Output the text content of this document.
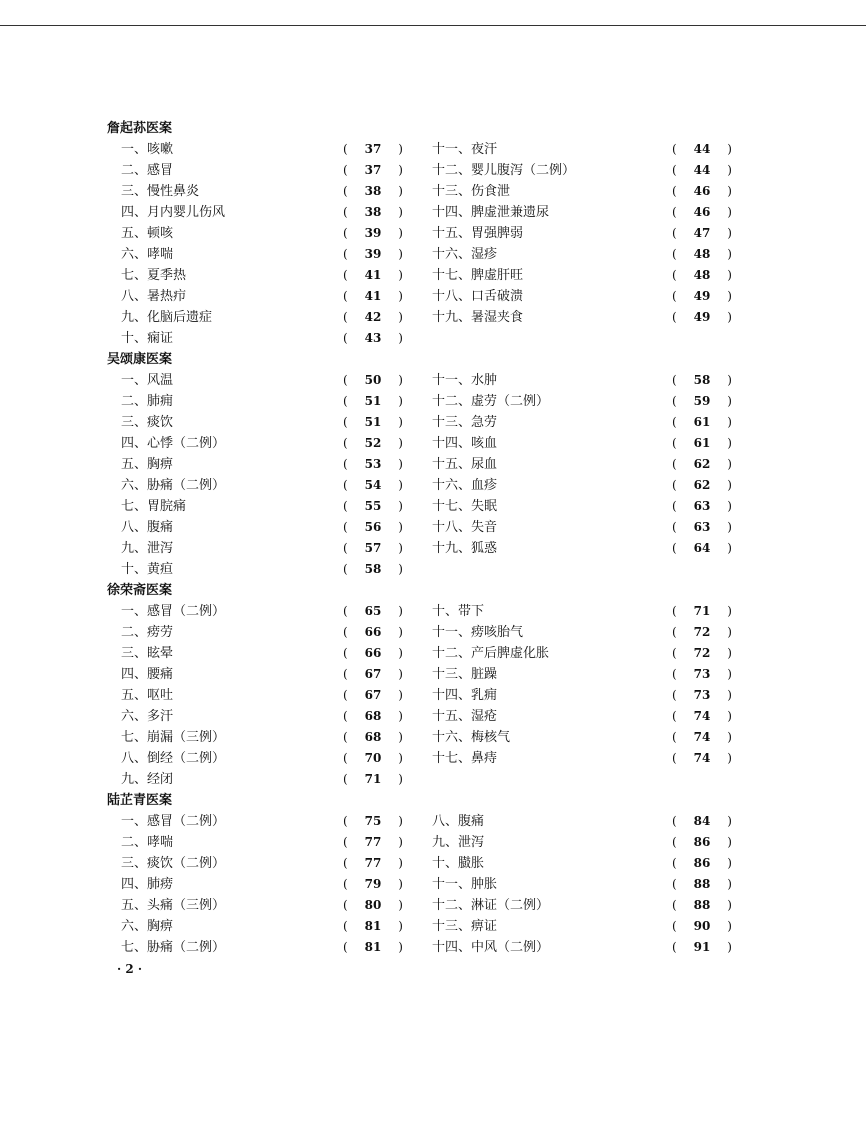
詹起荪医案
一、咳嗽	( 37 ) 十一、夜汗	( 44 )
二、感冒	( 37 ) 十二、婴儿腹泻（二例）	( 44 )
三、慢性鼻炎	( 38 ) 十三、伤食泄	( 46 )
四、月内婴儿伤风	( 38 ) 十四、脾虚泄兼遗尿	( 46 )
五、顿咳	( 39 ) 十五、胃强脾弱	( 47 )
六、哮喘	( 39 ) 十六、湿疹	( 48 )
七、夏季热	( 41 ) 十七、脾虚肝旺	( 48 )
八、暑热疖	( 41 ) 十八、口舌破溃	( 49 )
九、化脑后遗症	( 42 ) 十九、暑湿夹食	( 49 )
十、痫证	( 43 )
吴颂康医案
一、风温	( 50 ) 十一、水肿	( 58 )
二、肺痈	( 51 ) 十二、虚劳（二例）	( 59 )
三、痰饮	( 51 ) 十三、急劳	( 61 )
四、心悸（二例）	( 52 ) 十四、咳血	( 61 )
五、胸痹	( 53 ) 十五、尿血	( 62 )
六、胁痛（二例）	( 54 ) 十六、血疹	( 62 )
七、胃脘痛	( 55 ) 十七、失眠	( 63 )
八、腹痛	( 56 ) 十八、失音	( 63 )
九、泄泻	( 57 ) 十九、狐惑	( 64 )
十、黄疸	( 58 )
徐荣斋医案
一、感冒（二例）	( 65 ) 十、带下	( 71 )
二、痨劳	( 66 ) 十一、痨咳胎气	( 72 )
三、眩晕	( 66 ) 十二、产后脾虚化胀	( 72 )
四、腰痛	( 67 ) 十三、脏躁	( 73 )
五、呕吐	( 67 ) 十四、乳痈	( 73 )
六、多汗	( 68 ) 十五、湿疮	( 74 )
七、崩漏（三例）	( 68 ) 十六、梅核气	( 74 )
八、倒经（二例）	( 70 ) 十七、鼻痔	( 74 )
九、经闭	( 71 )
陆芷青医案
一、感冒（二例）	( 75 ) 八、腹痛	( 84 )
二、哮喘	( 77 ) 九、泄泻	( 86 )
三、痰饮（二例）	( 77 ) 十、臌胀	( 86 )
四、肺痨	( 79 ) 十一、肿胀	( 88 )
五、头痛（三例）	( 80 ) 十二、淋证（二例）	( 88 )
六、胸痹	( 81 ) 十三、痹证	( 90 )
七、胁痛（二例）	( 81 ) 十四、中风（二例）	( 91 )
· 2 ·
